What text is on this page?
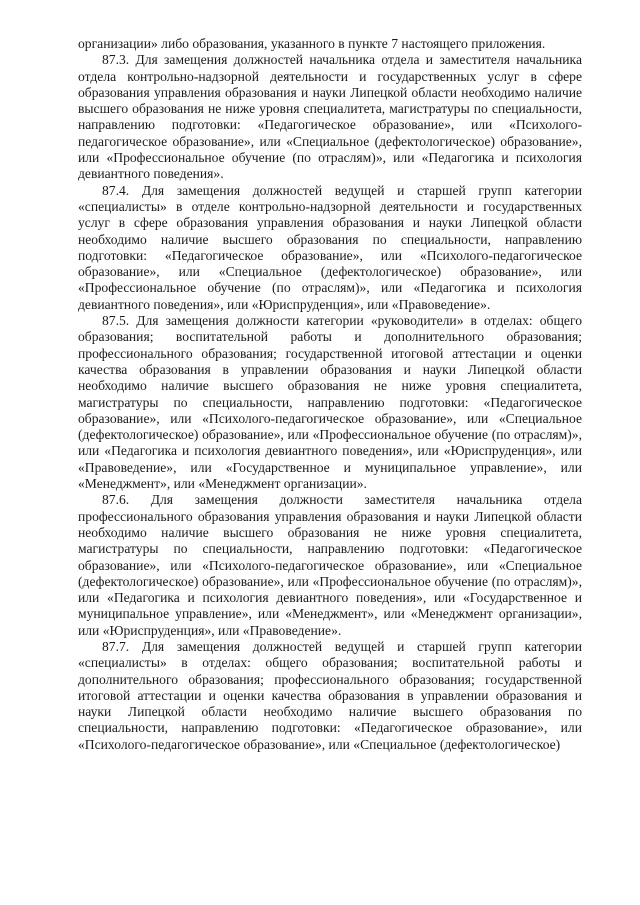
организации» либо образования, указанного в пункте 7 настоящего приложения.

87.3. Для замещения должностей начальника отдела и заместителя начальника отдела контрольно-надзорной деятельности и государственных услуг в сфере образования управления образования и науки Липецкой области необходимо наличие высшего образования не ниже уровня специалитета, магистратуры по специальности, направлению подготовки: «Педагогическое образование», или «Психолого-педагогическое образование», или «Специальное (дефектологическое) образование», или «Профессиональное обучение (по отраслям)», или «Педагогика и психология девиантного поведения».

87.4. Для замещения должностей ведущей и старшей групп категории «специалисты» в отделе контрольно-надзорной деятельности и государственных услуг в сфере образования управления образования и науки Липецкой области необходимо наличие высшего образования по специальности, направлению подготовки: «Педагогическое образование», или «Психолого-педагогическое образование», или «Специальное (дефектологическое) образование», или «Профессиональное обучение (по отраслям)», или «Педагогика и психология девиантного поведения», или «Юриспруденция», или «Правоведение».

87.5. Для замещения должности категории «руководители» в отделах: общего образования; воспитательной работы и дополнительного образования; профессионального образования; государственной итоговой аттестации и оценки качества образования в управлении образования и науки Липецкой области необходимо наличие высшего образования не ниже уровня специалитета, магистратуры по специальности, направлению подготовки: «Педагогическое образование», или «Психолого-педагогическое образование», или «Специальное (дефектологическое) образование», или «Профессиональное обучение (по отраслям)», или «Педагогика и психология девиантного поведения», или «Юриспруденция», или «Правоведение», или «Государственное и муниципальное управление», или «Менеджмент», или «Менеджмент организации».

87.6. Для замещения должности заместителя начальника отдела профессионального образования управления образования и науки Липецкой области необходимо наличие высшего образования не ниже уровня специалитета, магистратуры по специальности, направлению подготовки: «Педагогическое образование», или «Психолого-педагогическое образование», или «Специальное (дефектологическое) образование», или «Профессиональное обучение (по отраслям)», или «Педагогика и психология девиантного поведения», или «Государственное и муниципальное управление», или «Менеджмент», или «Менеджмент организации», или «Юриспруденция», или «Правоведение».

87.7. Для замещения должностей ведущей и старшей групп категории «специалисты» в отделах: общего образования; воспитательной работы и дополнительного образования; профессионального образования; государственной итоговой аттестации и оценки качества образования в управлении образования и науки Липецкой области необходимо наличие высшего образования по специальности, направлению подготовки: «Педагогическое образование», или «Психолого-педагогическое образование», или «Специальное (дефектологическое)
